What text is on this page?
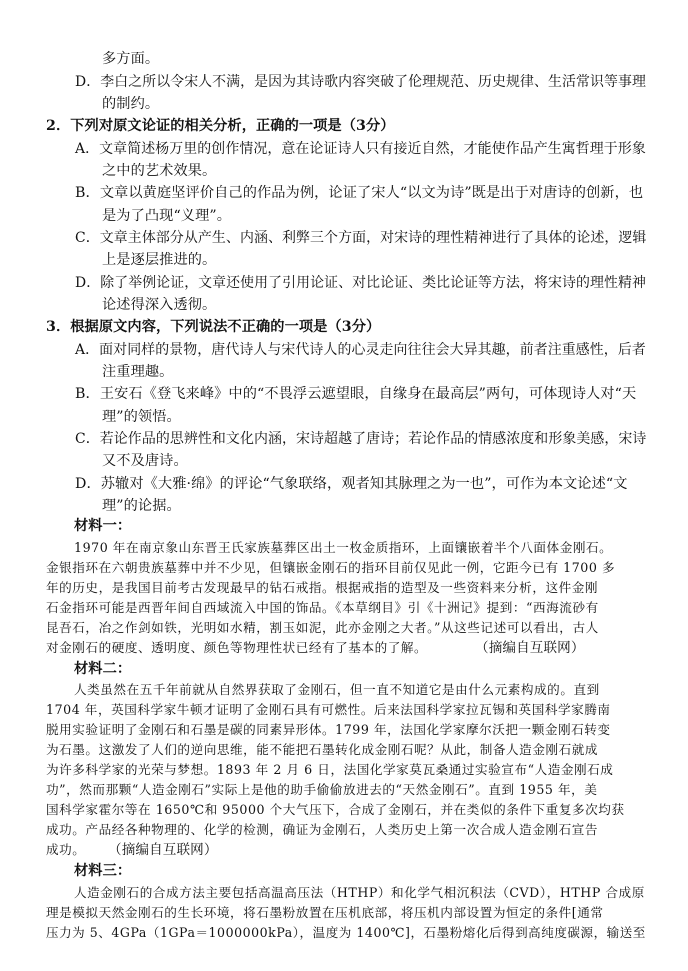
多方面。
D．李白之所以令宋人不满，是因为其诗歌内容突破了伦理规范、历史规律、生活常识等事理
的制约。
2．下列对原文论证的相关分析，正确的一项是（3分）
A．文章简述杨万里的创作情况，意在论证诗人只有接近自然，才能使作品产生寓哲理于形象
之中的艺术效果。
B．文章以黄庭坚评价自己的作品为例，论证了宋人“以文为诗”既是出于对唐诗的创新，也
是为了凸现“义理”。
C．文章主体部分从产生、内涵、利弊三个方面，对宋诗的理性精神进行了具体的论述，逻辑
上是逐层推进的。
D．除了举例论证，文章还使用了引用论证、对比论证、类比论证等方法，将宋诗的理性精神
论述得深入透彻。
3．根据原文内容，下列说法不正确的一项是（3分）
A．面对同样的景物，唐代诗人与宋代诗人的心灵走向往往会大异其趣，前者注重感性，后者
注重理趣。
B．王安石《登飞来峰》中的“不畏浮云遮望眼，自缘身在最高层”两句，可体现诗人对“天
理”的领悟。
C．若论作品的思辨性和文化内涵，宋诗超越了唐诗；若论作品的情感浓度和形象美感，宋诗
又不及唐诗。
D．苏辙对《大雅·绵》的评论“气象联络，观者知其脉理之为一也”，可作为本文论述“文
理”的论据。
材料一：
1970 年在南京象山东晋王氏家族墓葬区出土一枚金质指环，上面镶嵌着半个八面体金刚石。
金银指环在六朝贵族墓葬中并不少见，但镶嵌金刚石的指环目前仅见此一例，它距今已有 1700 多
年的历史，是我国目前考古发现最早的钻石戒指。根据戒指的造型及一些资料来分析，这件金刚
石金指环可能是西晋年间自西域流入中国的饰品。《本草纲目》引《十洲记》提到：“西海流砂有
昆吾石，冶之作剑如铁，光明如水精，割玉如泥，此亦金刚之大者。”从这些记述可以看出，古人
对金刚石的硬度、透明度、颜色等物理性状已经有了基本的了解。	（摘编自互联网）
材料二：
人类虽然在五千年前就从自然界获取了金刚石，但一直不知道它是由什么元素构成的。直到
1704 年，英国科学家牛顿才证明了金刚石具有可燃性。后来法国科学家拉瓦锡和英国科学家腾南
脱用实验证明了金刚石和石墨是碳的同素异形体。1799 年，法国化学家摩尔沃把一颗金刚石转变
为石墨。这激发了人们的逆向思维，能不能把石墨转化成金刚石呢？从此，制备人造金刚石就成
为许多科学家的光荣与梦想。1893 年 2 月 6 日，法国化学家莫瓦桑通过实验宣布“人造金刚石成
功”，然而那颗“人造金刚石”实际上是他的助手偷偷放进去的“天然金刚石”。直到 1955 年，美
国科学家霍尔等在 1650℃和 95000 个大气压下，合成了金刚石，并在类似的条件下重复多次均获
成功。产品经各种物理的、化学的检测，确证为金刚石，人类历史上第一次合成人造金刚石宣告
成功。 （摘编自互联网）
材料三：
人造金刚石的合成方法主要包括高温高压法（HTHP）和化学气相沉积法（CVD），HTHP 合成原
理是模拟天然金刚石的生长环境，将石墨粉放置在压机底部，将压机内部设置为恒定的条件[通常
压力为 5、4GPa（1GPa＝1000000kPa），温度为 1400℃]，石墨粉熔化后得到高纯度碳源，输送至
